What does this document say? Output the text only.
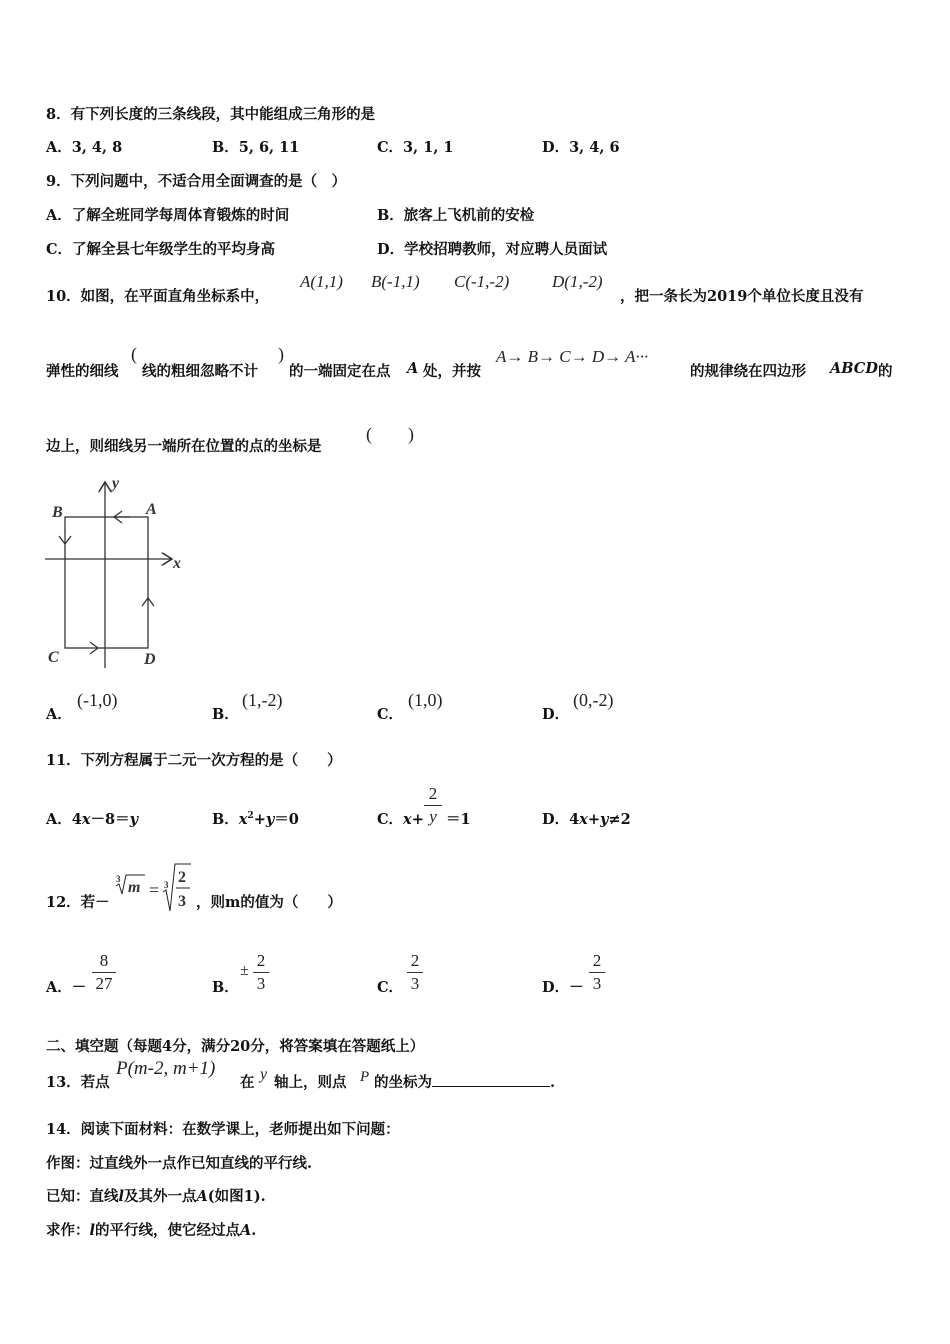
8．有下列长度的三条线段，其中能组成三角形的是
A．3, 4, 8	B．5, 6, 11	C．3, 1, 1	D．3, 4, 6
9．下列问题中，不适合用全面调查的是（　）
A．了解全班同学每周体育锻炼的时间	B．旅客上飞机前的安检
C．了解全县七年级学生的平均身高	D．学校招聘教师，对应聘人员面试
10．如图，在平面直角坐标系中，
A(1,1) B(-1,1) C(-1,-2)	D(1,-2)
，把一条长为2019个单位长度且没有
弹性的细线
(
线的粗细忽略不计
)
的一端固定在点 A 处，并按
A→ B→ C→ D→ A···
的规律绕在四边形 ABCD 的
边上，则细线另一端所在位置的点的坐标是
(　　)
x
y
A
B
C	D
A．
(-1,0)
B．
(1,-2)
C．
(1,0)
D．
(0,-2)
11．下列方程属于二元一次方程的是（　　）
A．4x－8＝y	B．$x^2+y=0$	C．x+
2
y ＝1	D．4x+y≠2
12．若－
3 m = 3 2
3 ，则m的值为（　　）
A．－
8
27	B．
±
2
3	C．
2
3	D．－
2
3
二、填空题（每题4分，满分20分，将答案填在答题纸上）
13．若点
P(m-2, m+1)
在 y 轴上，则点 P 的坐标为	.
14．阅读下面材料：在数学课上，老师提出如下问题：
作图：过直线外一点作已知直线的平行线.
已知：直线l及其外一点A(如图1).
求作：l的平行线，使它经过点A.
